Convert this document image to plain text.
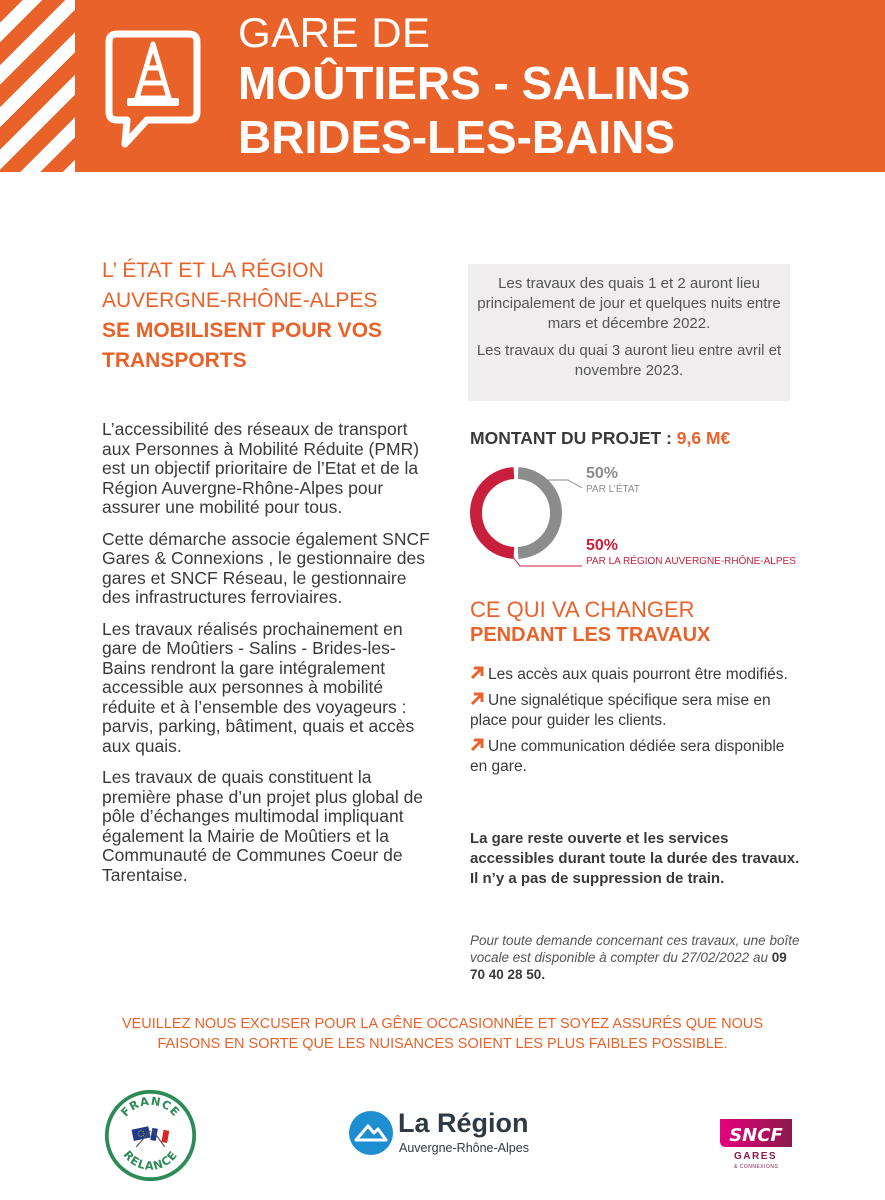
GARE DE
MOÛTIERS - SALINS
BRIDES-LES-BAINS
L’ ÉTAT ET LA RÉGION
AUVERGNE-RHÔNE-ALPES
SE MOBILISENT POUR VOS
TRANSPORTS

L’accessibilité des réseaux de transport aux Personnes à Mobilité Réduite (PMR) est un objectif prioritaire de l’Etat et de la Région Auvergne-Rhône-Alpes pour assurer une mobilité pour tous.

Cette démarche associe également SNCF Gares & Connexions , le gestionnaire des gares et SNCF Réseau, le gestionnaire des infrastructures ferroviaires.

Les travaux réalisés prochainement en gare de Moûtiers - Salins - Brides-les-Bains rendront la gare intégralement accessible aux personnes à mobilité réduite et à l’ensemble des voyageurs : parvis, parking, bâtiment, quais et accès aux quais.

Les travaux de quais constituent la première phase d’un projet plus global de pôle d’échanges multimodal impliquant également la Mairie de Moûtiers et la Communauté de Communes Coeur de Tarentaise.

Les travaux des quais 1 et 2 auront lieu principalement de jour et quelques nuits entre mars et décembre 2022.

Les travaux du quai 3 auront lieu entre avril et novembre 2023.

MONTANT DU PROJET : 9,6 M€
50%
PAR L’ÉTAT
50%
PAR LA RÉGION AUVERGNE-RHÔNE-ALPES
CE QUI VA CHANGER
PENDANT LES TRAVAUX
Les accès aux quais pourront être modifiés.
Une signalétique spécifique sera mise en place pour guider les clients.
Une communication dédiée sera disponible en gare.
La gare reste ouverte et les services accessibles durant toute la durée des travaux. Il n’y a pas de suppression de train.
Pour toute demande concernant ces travaux, une boîte vocale est disponible à compter du 27/02/2022 au 09 70 40 28 50.
VEUILLEZ NOUS EXCUSER POUR LA GÊNE OCCASIONNÉE ET SOYEZ ASSURÉS QUE NOUS
FAISONS EN SORTE QUE LES NUISANCES SOIENT LES PLUS FAIBLES POSSIBLE.
FRANCE
RELANCE
La Région
Auvergne-Rhône-Alpes
SNCF
GARES
& CONNEXIONS
